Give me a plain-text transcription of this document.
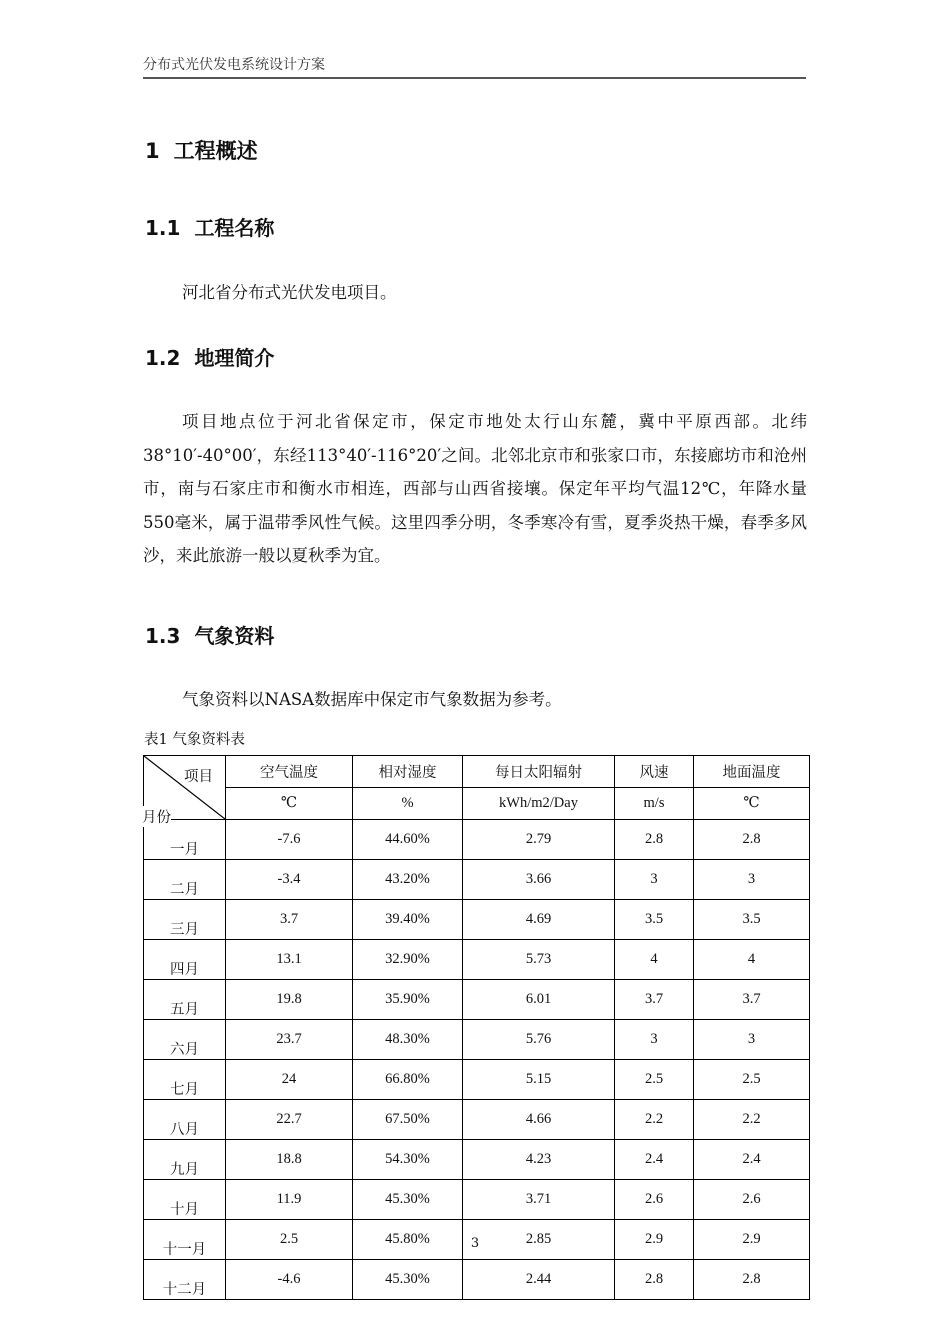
分布式光伏发电系统设计方案
1 工程概述
1.1 工程名称
河北省分布式光伏发电项目。
1.2 地理简介
项目地点位于河北省保定市，保定市地处太行山东麓，冀中平原西部。北纬38°10′-40°00′，东经113°40′-116°20′之间。北邻北京市和张家口市，东接廊坊市和沧州市，南与石家庄市和衡水市相连，西部与山西省接壤。保定年平均气温12℃，年降水量550毫米，属于温带季风性气候。这里四季分明，冬季寒冷有雪，夏季炎热干燥，春季多风沙，来此旅游一般以夏秋季为宜。
1.3 气象资料
气象资料以NASA数据库中保定市气象数据为参考。
表1 气象资料表
项目
月份	空气温度	相对湿度	每日太阳辐射	风速	地面温度
	℃	%	kWh/m2/Day	m/s	℃
一月	-7.6	44.60%	2.79	2.8	2.8
二月	-3.4	43.20%	3.66	3	3
三月	3.7	39.40%	4.69	3.5	3.5
四月	13.1	32.90%	5.73	4	4
五月	19.8	35.90%	6.01	3.7	3.7
六月	23.7	48.30%	5.76	3	3
七月	24	66.80%	5.15	2.5	2.5
八月	22.7	67.50%	4.66	2.2	2.2
九月	18.8	54.30%	4.23	2.4	2.4
十月	11.9	45.30%	3.71	2.6	2.6
十一月	2.5	45.80%	2.85	2.9	2.9
十二月	-4.6	45.30%	2.44	2.8	2.8
3
